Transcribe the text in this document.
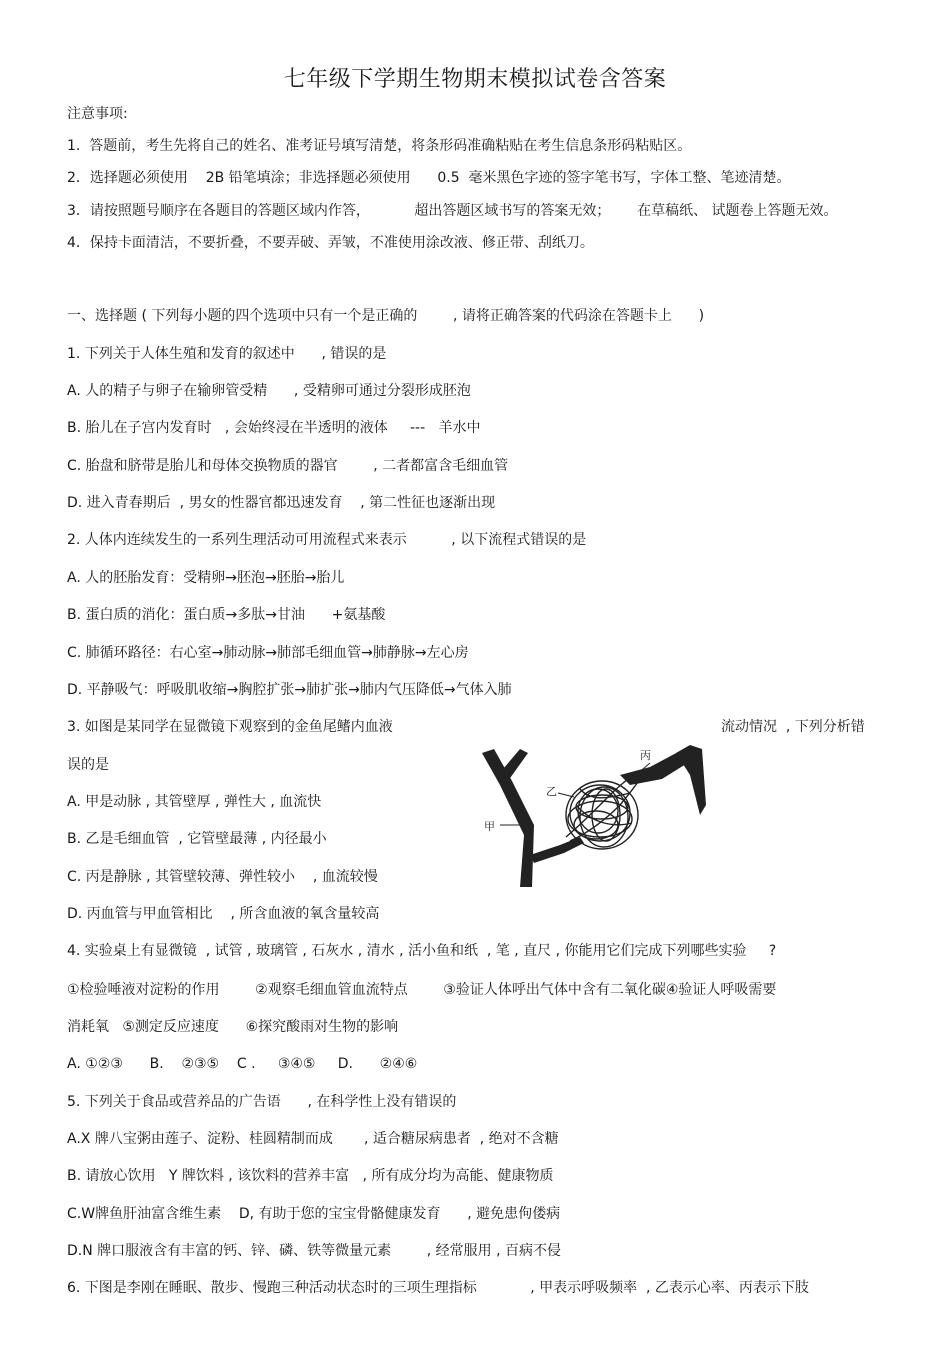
七年级下学期生物期末模拟试卷含答案
注意事项:
1.  答题前，考生先将自己的姓名、准考证号填写清楚，将条形码准确粘贴在考生信息条形码粘贴区。
2．选择题必须使用    2B 铅笔填涂；非选择题必须使用      0.5  毫米黑色字迹的签字笔书写，字体工整、笔迹清楚。
3．请按照题号顺序在各题目的答题区域内作答，          超出答题区域书写的答案无效；      在草稿纸、 试题卷上答题无效。
4．保持卡面清洁，不要折叠，不要弄破、弄皱，不准使用涂改液、修正带、刮纸刀。
一、选择题 ( 下列每小题的四个选项中只有一个是正确的        , 请将正确答案的代码涂在答题卡上      )
1. 下列关于人体生殖和发育的叙述中      , 错误的是
A. 人的精子与卵子在输卵管受精      , 受精卵可通过分裂形成胚泡
B. 胎儿在子宫内发育时   , 会始终浸在半透明的液体     ---   羊水中
C. 胎盘和脐带是胎儿和母体交换物质的器官        , 二者都富含毛细血管
D. 进入青春期后  , 男女的性器官都迅速发育    , 第二性征也逐渐出现
2. 人体内连续发生的一系列生理活动可用流程式来表示          , 以下流程式错误的是
A. 人的胚胎发育：受精卵→胚泡→胚胎→胎儿
B. 蛋白质的消化：蛋白质→多肽→甘油      +氨基酸
C. 肺循环路径：右心室→肺动脉→肺部毛细血管→肺静脉→左心房
D. 平静吸气：呼吸肌收缩→胸腔扩张→肺扩张→肺内气压降低→气体入肺
3. 如图是某同学在显微镜下观察到的金鱼尾鳍内血液	流动情况  , 下列分析错
误的是
A. 甲是动脉 , 其管壁厚 , 弹性大 , 血流快
B. 乙是毛细血管  , 它管壁最薄 , 内径最小
C. 丙是静脉 , 其管壁较薄、弹性较小    , 血流较慢
D. 丙血管与甲血管相比    , 所含血液的氧含量较高
甲
乙
丙
4. 实验桌上有显微镜  , 试管 , 玻璃管 , 石灰水 , 清水 , 活小鱼和纸  , 笔 , 直尺 , 你能用它们完成下列哪些实验     ?
①检验唾液对淀粉的作用        ②观察毛细血管血流特点        ③验证人体呼出气体中含有二氧化碳④验证人呼吸需要
消耗氧   ⑤测定反应速度      ⑥探究酸雨对生物的影响
A. ①②③      B.    ②③⑤    C .     ③④⑤     D.      ②④⑥
5. 下列关于食品或营养品的广告语      , 在科学性上没有错误的
A.X 牌八宝粥由莲子、淀粉、桂圆精制而成       , 适合糖尿病患者  , 绝对不含糖
B. 请放心饮用   Y 牌饮料 , 该饮料的营养丰富   , 所有成分均为高能、健康物质
C.W牌鱼肝油富含维生素    D, 有助于您的宝宝骨骼健康发育      , 避免患佝偻病
D.N 牌口服液含有丰富的钙、锌、磷、铁等微量元素        , 经常服用 , 百病不侵
6. 下图是李刚在睡眠、散步、慢跑三种活动状态时的三项生理指标            , 甲表示呼吸频率  , 乙表示心率、丙表示下肢
